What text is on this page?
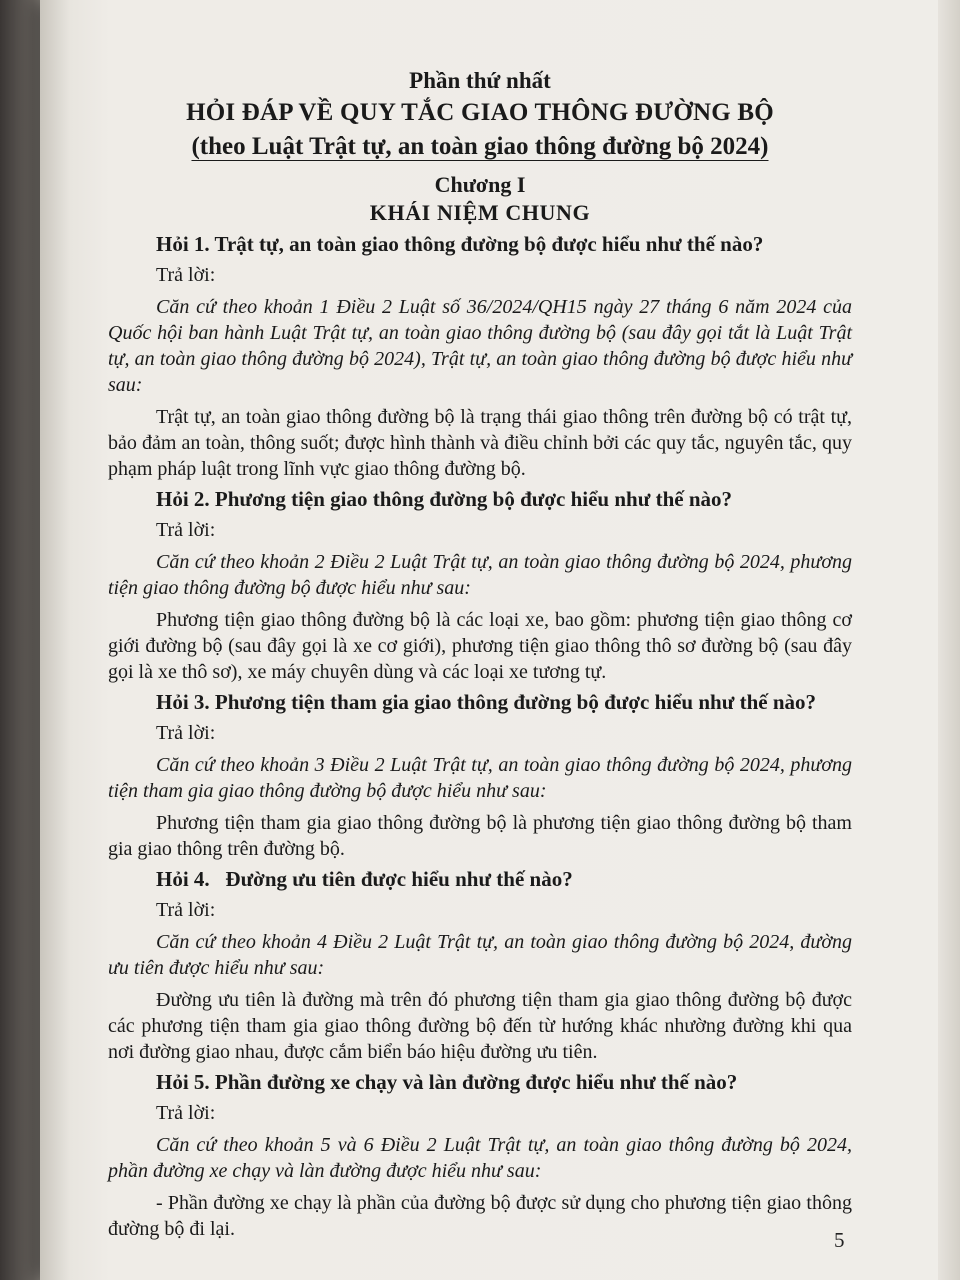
Phần thứ nhất

HỎI ĐÁP VỀ QUY TẮC GIAO THÔNG ĐƯỜNG BỘ

(theo Luật Trật tự, an toàn giao thông đường bộ 2024)

Chương I

KHÁI NIỆM CHUNG

Hỏi 1. Trật tự, an toàn giao thông đường bộ được hiểu như thế nào?

Trả lời:

Căn cứ theo khoản 1 Điều 2 Luật số 36/2024/QH15 ngày 27 tháng 6 năm 2024 của Quốc hội ban hành Luật Trật tự, an toàn giao thông đường bộ (sau đây gọi tắt là Luật Trật tự, an toàn giao thông đường bộ 2024), Trật tự, an toàn giao thông đường bộ được hiểu như sau:

Trật tự, an toàn giao thông đường bộ là trạng thái giao thông trên đường bộ có trật tự, bảo đảm an toàn, thông suốt; được hình thành và điều chỉnh bởi các quy tắc, nguyên tắc, quy phạm pháp luật trong lĩnh vực giao thông đường bộ.

Hỏi 2. Phương tiện giao thông đường bộ được hiểu như thế nào?

Trả lời:

Căn cứ theo khoản 2 Điều 2 Luật Trật tự, an toàn giao thông đường bộ 2024, phương tiện giao thông đường bộ được hiểu như sau:

Phương tiện giao thông đường bộ là các loại xe, bao gồm: phương tiện giao thông cơ giới đường bộ (sau đây gọi là xe cơ giới), phương tiện giao thông thô sơ đường bộ (sau đây gọi là xe thô sơ), xe máy chuyên dùng và các loại xe tương tự.

Hỏi 3. Phương tiện tham gia giao thông đường bộ được hiểu như thế nào?

Trả lời:

Căn cứ theo khoản 3 Điều 2 Luật Trật tự, an toàn giao thông đường bộ 2024, phương tiện tham gia giao thông đường bộ được hiểu như sau:

Phương tiện tham gia giao thông đường bộ là phương tiện giao thông đường bộ tham gia giao thông trên đường bộ.

Hỏi 4.   Đường ưu tiên được hiểu như thế nào?

Trả lời:

Căn cứ theo khoản 4 Điều 2 Luật Trật tự, an toàn giao thông đường bộ 2024, đường ưu tiên được hiểu như sau:

Đường ưu tiên là đường mà trên đó phương tiện tham gia giao thông đường bộ được các phương tiện tham gia giao thông đường bộ đến từ hướng khác nhường đường khi qua nơi đường giao nhau, được cắm biển báo hiệu đường ưu tiên.

Hỏi 5. Phần đường xe chạy và làn đường được hiểu như thế nào?

Trả lời:

Căn cứ theo khoản 5 và 6 Điều 2 Luật Trật tự, an toàn giao thông đường bộ 2024, phần đường xe chạy và làn đường được hiểu như sau:

- Phần đường xe chạy là phần của đường bộ được sử dụng cho phương tiện giao thông đường bộ đi lại.	5
